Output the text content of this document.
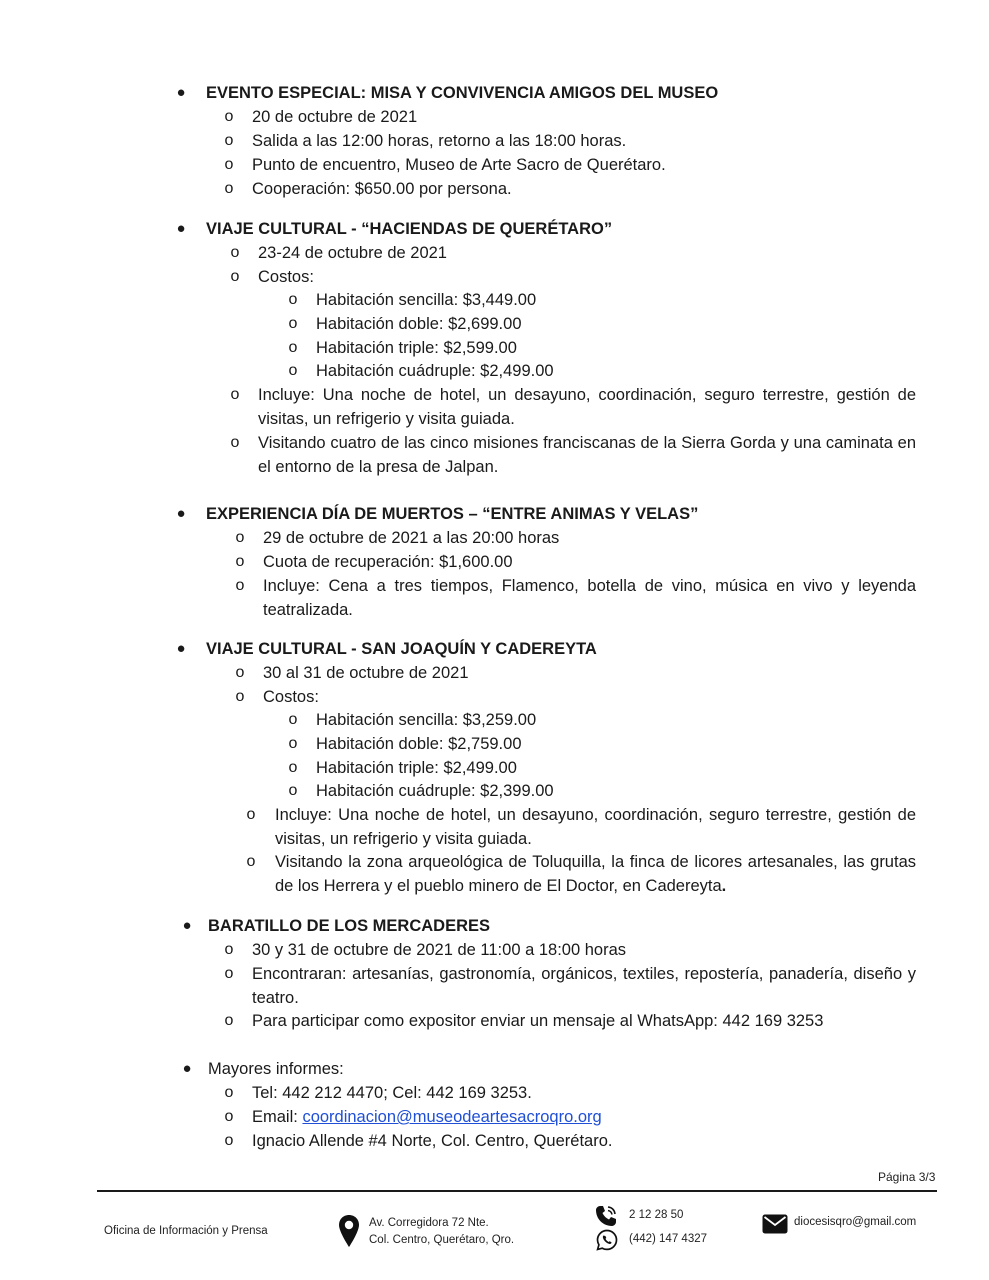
● EVENTO ESPECIAL: MISA Y CONVIVENCIA AMIGOS DEL MUSEO
o 20 de octubre de 2021
o Salida a las 12:00 horas, retorno a las 18:00 horas.
o Punto de encuentro, Museo de Arte Sacro de Querétaro.
o Cooperación: $650.00 por persona.
● VIAJE CULTURAL - “HACIENDAS DE QUERÉTARO”
o 23-24 de octubre de 2021
o Costos:
o Habitación sencilla: $3,449.00
o Habitación doble: $2,699.00
o Habitación triple: $2,599.00
o Habitación cuádruple: $2,499.00
o Incluye: Una noche de hotel, un desayuno, coordinación, seguro terrestre, gestión de visitas, un refrigerio y visita guiada.
o Visitando cuatro de las cinco misiones franciscanas de la Sierra Gorda y una caminata en el entorno de la presa de Jalpan.
● EXPERIENCIA DÍA DE MUERTOS – “ENTRE ANIMAS Y VELAS”
o 29 de octubre de 2021 a las 20:00 horas
o Cuota de recuperación: $1,600.00
o Incluye: Cena a tres tiempos, Flamenco, botella de vino, música en vivo y leyenda teatralizada.
● VIAJE CULTURAL - SAN JOAQUÍN Y CADEREYTA
o 30 al 31 de octubre de 2021
o Costos:
o Habitación sencilla: $3,259.00
o Habitación doble: $2,759.00
o Habitación triple: $2,499.00
o Habitación cuádruple: $2,399.00
o Incluye: Una noche de hotel, un desayuno, coordinación, seguro terrestre, gestión de visitas, un refrigerio y visita guiada.
o Visitando la zona arqueológica de Toluquilla, la finca de licores artesanales, las grutas de los Herrera y el pueblo minero de El Doctor, en Cadereyta.
● BARATILLO DE LOS MERCADERES
o 30 y 31 de octubre de 2021 de 11:00 a 18:00 horas
o Encontraran: artesanías, gastronomía, orgánicos, textiles, repostería, panadería, diseño y teatro.
o Para participar como expositor enviar un mensaje al WhatsApp: 442 169 3253
● Mayores informes:
o Tel: 442 212 4470; Cel: 442 169 3253.
o Email: coordinacion@museodeartesacroqro.org
o Ignacio Allende #4 Norte, Col. Centro, Querétaro.
Página 3/3
Oficina de Información y Prensa
Av. Corregidora 72 Nte.
Col. Centro, Querétaro, Qro.
2 12 28 50
(442) 147 4327
diocesisqro@gmail.com
